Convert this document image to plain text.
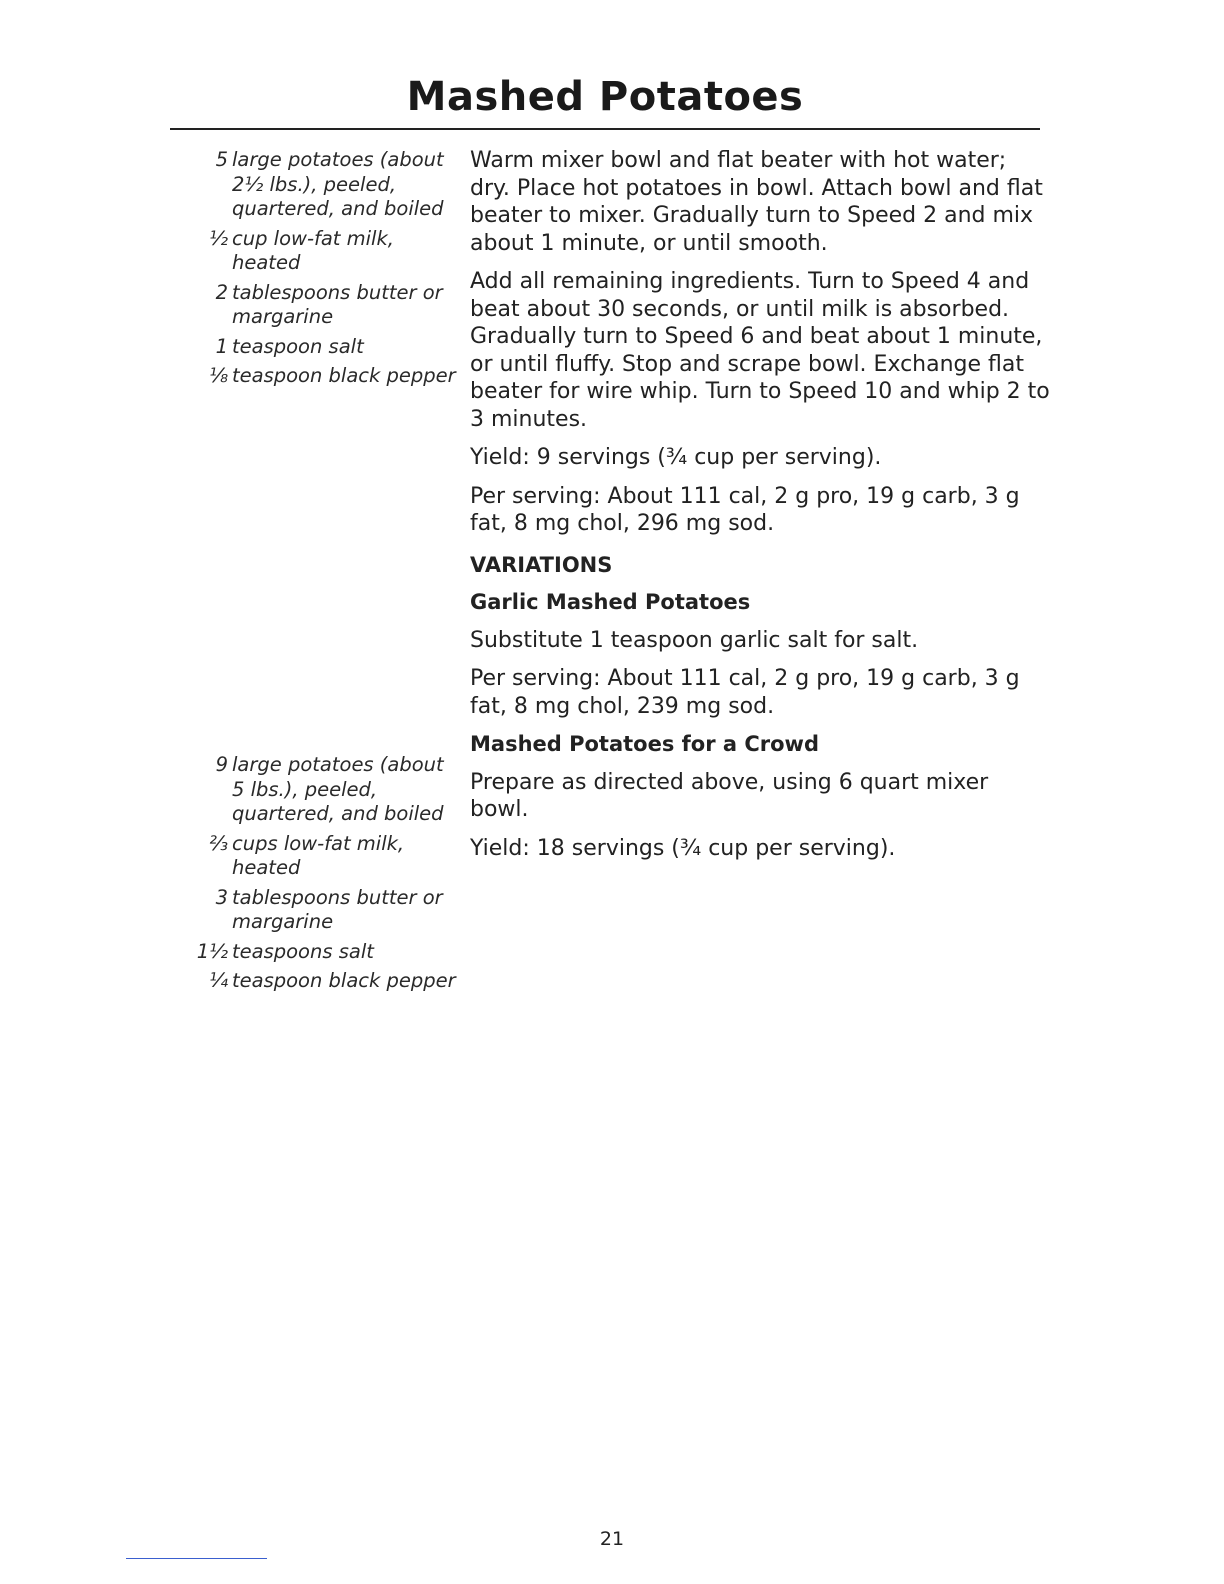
Mashed Potatoes
5 large potatoes (about 2½ lbs.), peeled, quartered, and boiled
½ cup low-fat milk, heated
2 tablespoons butter or margarine
1 teaspoon salt
⅛ teaspoon black pepper
9 large potatoes (about 5 lbs.), peeled, quartered, and boiled
⅔ cups low-fat milk, heated
3 tablespoons butter or margarine
1½ teaspoons salt
¼ teaspoon black pepper

Warm mixer bowl and flat beater with hot water; dry. Place hot potatoes in bowl. Attach bowl and flat beater to mixer. Gradually turn to Speed 2 and mix about 1 minute, or until smooth.

Add all remaining ingredients. Turn to Speed 4 and beat about 30 seconds, or until milk is absorbed. Gradually turn to Speed 6 and beat about 1 minute, or until fluffy. Stop and scrape bowl. Exchange flat beater for wire whip. Turn to Speed 10 and whip 2 to 3 minutes.

Yield: 9 servings (¾ cup per serving).

Per serving: About 111 cal, 2 g pro, 19 g carb, 3 g fat, 8 mg chol, 296 mg sod.

VARIATIONS
Garlic Mashed Potatoes

Substitute 1 teaspoon garlic salt for salt.

Per serving: About 111 cal, 2 g pro, 19 g carb, 3 g fat, 8 mg chol, 239 mg sod.

Mashed Potatoes for a Crowd

Prepare as directed above, using 6 quart mixer bowl.

Yield: 18 servings (¾ cup per serving).

21
